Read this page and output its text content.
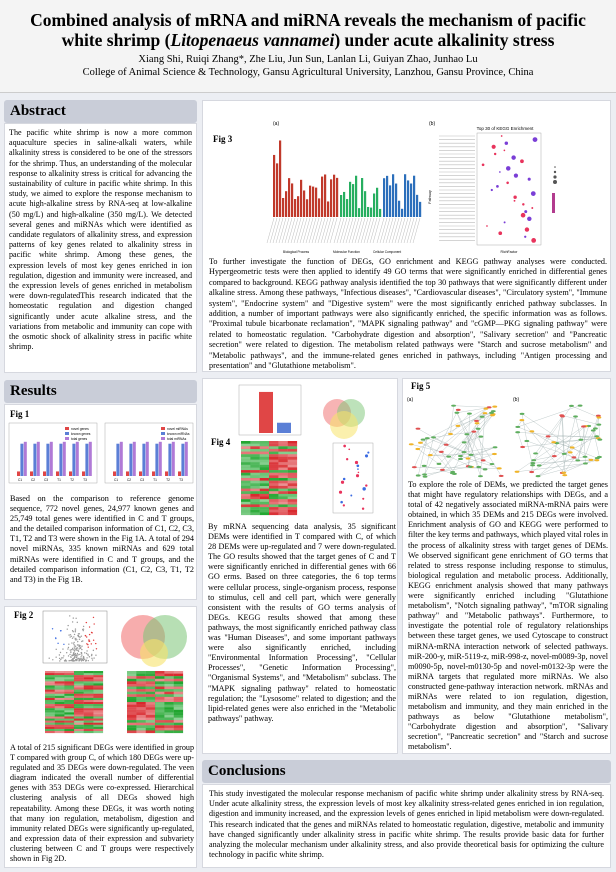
Combined analysis of mRNA and miRNA reveals the mechanism of pacific
white shrimp (Litopenaeus vannamei) under acute alkalinity stress
Xiang Shi, Ruiqi Zhang*, Zhe Liu, Jun Sun, Lanlan Li, Guiyan Zhao, Junhao Lu
College of Animal Science & Technology, Gansu Agricultural University, Lanzhou, Gansu Province, China
Abstract
The pacific white shrimp is now a more common aquaculture species in saline-alkali waters, while alkalinity stress is considered to be one of the stressors for the shrimp. Thus, an understanding of the molecular response to alkalinity stress is critical for advancing the sustainability of culture in pacific white shrimp. In this study, we aimed to explore the response mechanism to acute high-alkaline stress by RNA-seq at low-alkaline (50 mg/L) and high-alkaline (350 mg/L). We detected several genes and miRNAs which were identified as candidate regulators of alkalinity stress, and expression patterns of key genes related to alkalinity stress in pacific white shrimp. Among these genes, the expression levels of most key genes enriched in ion regulation, digestion and immunity were increased, and the expression levels of genes enriched in metabolism were down-regulatedThis research indicated that the homeostatic regulation and digestion changed significantly under acute alkaline stress, and the variations from metabolic and immunity can cope with the osmotic shock of alkalinity stress in pacific white shrimp.
Results
Fig 1
C1	C2	C3	T1	T2	T3
novel genes
known genes
total genes
C1	C2	C3	T1	T2	T3
novel miRNAs
known miRNAs
total miRNAs
Based on the comparison to reference genome sequence, 772 novel genes, 24,977 known genes and 25,749 total genes were identified in C and T groups, and the detailed comparison information of C1, C2, C3, T1, T2 and T3 were shown in the Fig 1A. A total of 294 novel miRNAs, 335 known miRNAs and 629 total miRNAs were identified in C and T groups, and the detailed comparison information (C1, C2, C3, T1, T2 and T3) in the Fig 1B.
Fig 2
A total of 215 significant DEGs were identified in group T compared with group C, of which 180 DEGs were up-regulated and 35 DEGs were down-regulated. The veen diagram indicated the overall number of differential genes with 353 DEGs were co-expressed. Hierarchical clustering analysis of all DEGs showed high repeatability. Among these DEGs, it was worth noting that many ion regulation, metabolism, digestion and immunity related DEGs were significantly up-regulated, and expression data of their expression and subvariety clustering between C and T groups were respectively shown in Fig 2D.
Fig 3
(a)
Biological Process	Molecular Function	Cellular Component
(b)
Top 30 of KEGG Enrichment
Pathway
RichFactor
To further investigate the function of DEGs, GO enrichment and KEGG pathway analyses were conducted. Hypergeometric tests were then applied to identify 49 GO terms that were significantly enriched in differential genes compared to background. KEGG pathway analysis identified the top 30 pathways that were significantly different under alkaline stress. Among these pathways, "Infectious diseases", "Cardiovascular diseases", "Circulatory system", "Immune system", "Endocrine system" and "Digestive system" were the most significantly enriched pathway subclasses. In addition, a number of important pathways were also significantly enriched, the specific information was as follows. "Proximal tubule bicarbonate reclamation", "MAPK signaling pathway" and "cGMP—PKG signaling pathway" were related to homeostatic regulation. "Carbohydrate digestion and absorption", "Salivary secretion" and "Pancreatic secretion" were related to digestion. The metabolism related pathways were "Starch and sucrose metabolism" and "Metabolic pathways", and the immune-related genes enriched in pathways, including "Antigen processing and presentation" and "Glutathione metabolism".
Fig 4
By mRNA sequencing data analysis, 35 significant DEMs were identified in T compared with C, of which 28 DEMs were up-regulated and 7 were down-regulated. The GO results showed that the target genes of C and T were significantly enriched in differential genes with 66 GO erms. Based on three categories, the 6 top terms were cellular process, single-organism process, response to stimulus, cell and cell part, which were generally consistent with the results of GO terms analysis of DEGs. KEGG results showed that among these pathways, the most significantly enriched pathway class was "Human Diseases", and some important pathways were also significantly enriched, including "Environmental Information Processing", "Cellular Processes", "Genetic Information Processing", "Organismal Systems", and "Metabolism" subclass. The "MAPK signaling pathway" related to homeostatic regulation; the "Lysosome" related to digestion; and the lipid-related genes were also enriched in the "Metabolic pathways" pathway.
Fig 5
(a)	(b)
To explore the role of DEMs, we predicted the target genes that might have regulatory relationships with DEGs, and a total of 42 negatively associated miRNA-mRNA pairs were obtained, in which 35 DEMs and 215 DEGs were involved. Enrichment analysis of GO and KEGG were performed to filter the key terms and pathways, which played vital roles in the process of alkalinity stress with target genes of DEMs. We observed significant gene enrichment of GO terms that related to stress response including response to stimulus, biological regulation and metabolic process. Additionally, KEGG enrichment analysis showed that many pathways were significantly enriched including "Glutathione metabolism", "Notch signaling pathway", "mTOR signaling pathway" and "Metabolic pathways". Furthermore, to investigate the potential role of regulatory relationships between these target genes, we used Cytoscape to construct miRNA-mRNA interaction network of selected pathways. miR-200-y, miR-5119-z, miR-998-z, novel-m0089-3p, novel m0090-5p, novel-m0130-5p and novel-m0132-3p were the miRNA targets that regulated more miRNAs. We also constructed gene-pathway interaction network. mRNAs and miRNAs were related to ion regulation, digestion, metabolism and immunity, and they main enriched in the pathways as below "Glutathione metabolism", "Carbohydrate digestion and absorption", "Salivary secretion", "Pancreatic secretion" and "Starch and sucrose metabolism".
Conclusions
This study investigated the molecular response mechanism of pacific white shrimp under alkalinity stress by RNA-seq. Under acute alkalinity stress, the expression levels of most key alkalinity stress-related genes enriched in ion regulation, digestion and immunity increased, and the expression levels of genes enriched in lipid metabolism were down-regulated. This research indicated that the genes and miRNAs related to homeostatic regulation, digestive, metabolic and immunity have changed significantly under alkalinity stress in pacific white shrimp. The results provide basic data for further analyzing the molecular mechanism under alkalinity stress, and also provide theoretical basis for optimizing the culture technology in pacific white shrimp.
